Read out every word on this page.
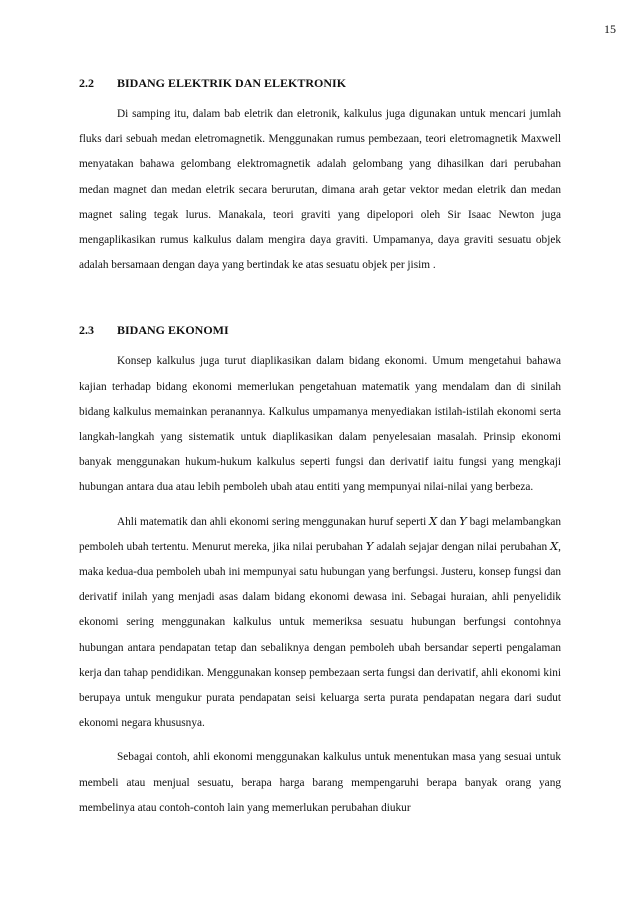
15
2.2	BIDANG ELEKTRIK DAN ELEKTRONIK

Di samping itu, dalam bab eletrik dan eletronik, kalkulus juga digunakan untuk mencari jumlah fluks dari sebuah medan eletromagnetik. Menggunakan rumus pembezaan, teori eletromagnetik Maxwell menyatakan bahawa gelombang elektromagnetik adalah gelombang yang dihasilkan dari perubahan medan magnet dan medan eletrik secara berurutan, dimana arah getar vektor medan eletrik dan medan magnet saling tegak lurus. Manakala, teori graviti yang dipelopori oleh Sir Isaac Newton juga mengaplikasikan rumus kalkulus dalam mengira daya graviti. Umpamanya, daya graviti sesuatu objek adalah bersamaan dengan daya yang bertindak ke atas sesuatu objek per jisim .

2.3	BIDANG EKONOMI

Konsep kalkulus juga turut diaplikasikan dalam bidang ekonomi. Umum mengetahui bahawa kajian terhadap bidang ekonomi memerlukan pengetahuan matematik yang mendalam dan di sinilah bidang kalkulus memainkan peranannya. Kalkulus umpamanya menyediakan istilah-istilah ekonomi serta langkah-langkah yang sistematik untuk diaplikasikan dalam penyelesaian masalah. Prinsip ekonomi banyak menggunakan hukum-hukum kalkulus seperti fungsi dan derivatif iaitu fungsi yang mengkaji hubungan antara dua atau lebih pemboleh ubah atau entiti yang mempunyai nilai-nilai yang berbeza.

Ahli matematik dan ahli ekonomi sering menggunakan huruf seperti 𝑋 dan 𝑌 bagi melambangkan pemboleh ubah tertentu. Menurut mereka, jika nilai perubahan 𝑌 adalah sejajar dengan nilai perubahan 𝑋, maka kedua-dua pemboleh ubah ini mempunyai satu hubungan yang berfungsi. Justeru, konsep fungsi dan derivatif inilah yang menjadi asas dalam bidang ekonomi dewasa ini. Sebagai huraian, ahli penyelidik ekonomi sering menggunakan kalkulus untuk memeriksa sesuatu hubungan berfungsi contohnya hubungan antara pendapatan tetap dan sebaliknya dengan pemboleh ubah bersandar seperti pengalaman kerja dan tahap pendidikan. Menggunakan konsep pembezaan serta fungsi dan derivatif, ahli ekonomi kini berupaya untuk mengukur purata pendapatan seisi keluarga serta purata pendapatan negara dari sudut ekonomi negara khususnya.

Sebagai contoh, ahli ekonomi menggunakan kalkulus untuk menentukan masa yang sesuai untuk membeli atau menjual sesuatu, berapa harga barang mempengaruhi berapa banyak orang yang membelinya atau contoh-contoh lain yang memerlukan perubahan diukur
